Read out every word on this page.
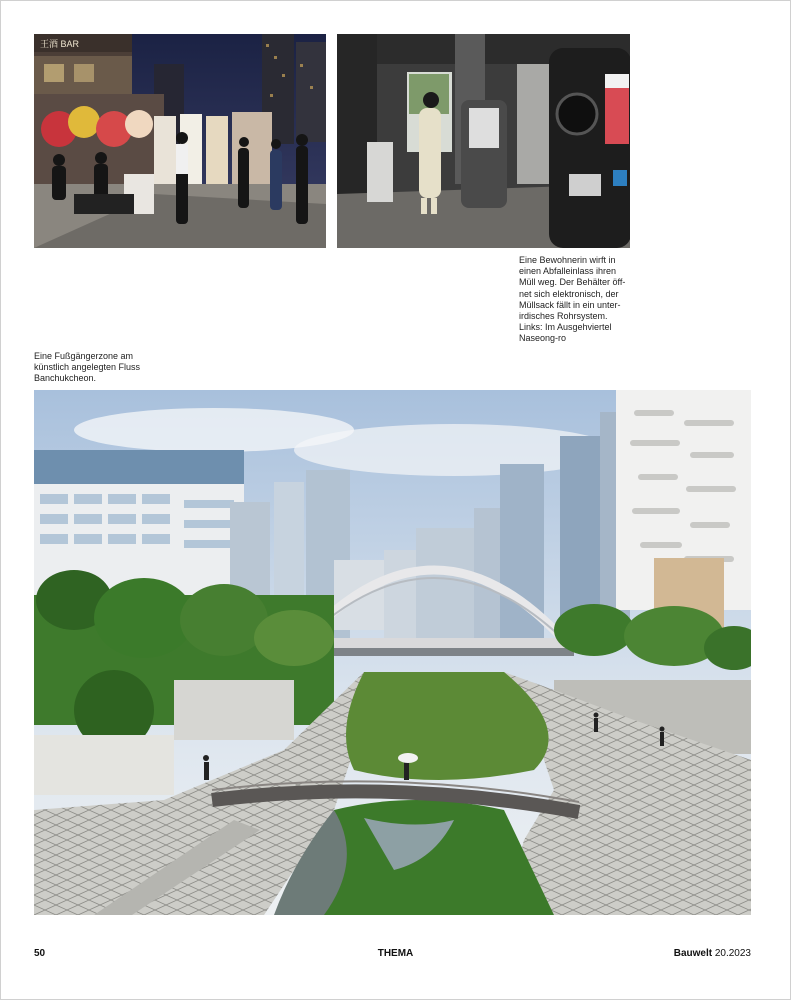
王酒 BAR
Eine Bewohnerin wirft in
einen Abfalleinlass ihren
Müll weg. Der Behälter öff-
net sich elektronisch, der
Müllsack fällt in ein unter-
irdisches Rohrsystem.
Links: Im Ausgehviertel
Naseong-ro
Eine Fußgängerzone am
künstlich angelegten Fluss
Banchukcheon.
50	THEMA	Bauwelt 20.2023
